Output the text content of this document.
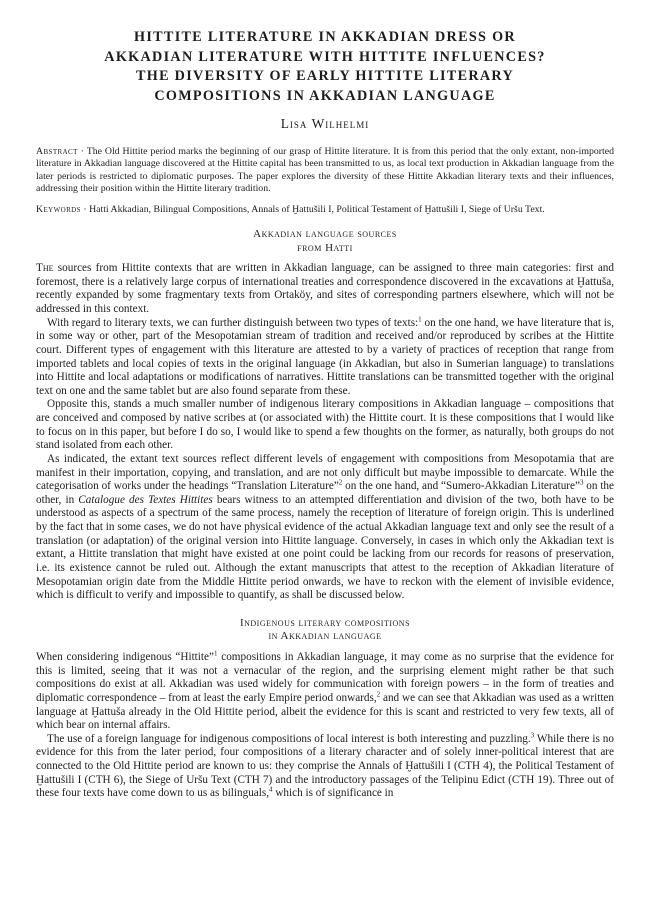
HITTITE LITERATURE IN AKKADIAN DRESS OR
AKKADIAN LITERATURE WITH HITTITE INFLUENCES?
THE DIVERSITY OF EARLY HITTITE LITERARY
COMPOSITIONS IN AKKADIAN LANGUAGE
Lisa Wilhelmi

Abstract · The Old Hittite period marks the beginning of our grasp of Hittite literature. It is from this period that the only extant, non-imported literature in Akkadian language discovered at the Hittite capital has been transmitted to us, as local text production in Akkadian language from the later periods is restricted to diplomatic purposes. The paper explores the diversity of these Hittite Akkadian literary texts and their influences, addressing their position within the Hittite literary tradition.

Keywords · Hatti Akkadian, Bilingual Compositions, Annals of Ḫattušili I, Political Testament of Ḫattušili I, Siege of Uršu Text.

Akkadian language sources
from Hatti

The sources from Hittite contexts that are written in Akkadian language, can be assigned to three main categories: first and foremost, there is a relatively large corpus of international treaties and correspondence discovered in the excavations at Ḫattuša, recently expanded by some fragmentary texts from Ortaköy, and sites of corresponding partners elsewhere, which will not be addressed in this context.

With regard to literary texts, we can further distinguish between two types of texts:$^1$ on the one hand, we have literature that is, in some way or other, part of the Mesopotamian stream of tradition and received and/or reproduced by scribes at the Hittite court. Different types of engagement with this literature are attested to by a variety of practices of reception that range from imported tablets and local copies of texts in the original language (in Akkadian, but also in Sumerian language) to translations into Hittite and local adaptations or modifications of narratives. Hittite translations can be transmitted together with the original text on one and the same tablet but are also found separate from these.

Opposite this, stands a much smaller number of indigenous literary compositions in Akkadian language – compositions that are conceived and composed by native scribes at (or associated with) the Hittite court. It is these compositions that I would like to focus on in this paper, but before I do so, I would like to spend a few thoughts on the former, as naturally, both groups do not stand isolated from each other.

As indicated, the extant text sources reflect different levels of engagement with compositions from Mesopotamia that are manifest in their importation, copying, and translation, and are not only difficult but maybe impossible to demarcate. While the categorisation of works under the headings “Translation Literature”$^2$ on the one hand, and “Sumero-Akkadian Literature”$^3$ on the other, in Catalogue des Textes Hittites bears witness to an attempted differentiation and division of the two, both have to be understood as aspects of a spectrum of the same process, namely the reception of literature of foreign origin. This is underlined by the fact that in some cases, we do not have physical evidence of the actual Akkadian language text and only see the result of a translation (or adaptation) of the original version into Hittite language. Conversely, in cases in which only the Akkadian text is extant, a Hittite translation that might have existed at one point could be lacking from our records for reasons of preservation, i.e. its existence cannot be ruled out. Although the extant manuscripts that attest to the reception of Akkadian literature of Mesopotamian origin date from the Middle Hittite period onwards, we have to reckon with the element of invisible evidence, which is difficult to verify and impossible to quantify, as shall be discussed below.

Indigenous literary compositions
in Akkadian language

When considering indigenous “Hittite”$^1$ compositions in Akkadian language, it may come as no surprise that the evidence for this is limited, seeing that it was not a vernacular of the region, and the surprising element might rather be that such compositions do exist at all. Akkadian was used widely for communication with foreign powers – in the form of treaties and diplomatic correspondence – from at least the early Empire period onwards,$^2$ and we can see that Akkadian was used as a written language at Ḫattuša already in the Old Hittite period, albeit the evidence for this is scant and restricted to very few texts, all of which bear on internal affairs.

The use of a foreign language for indigenous compositions of local interest is both interesting and puzzling.$^3$ While there is no evidence for this from the later period, four compositions of a literary character and of solely inner-political interest that are connected to the Old Hittite period are known to us: they comprise the Annals of Ḫattušili I (CTH 4), the Political Testament of Ḫattušili I (CTH 6), the Siege of Uršu Text (CTH 7) and the introductory passages of the Telipinu Edict (CTH 19). Three out of these four texts have come down to us as bilinguals,$^4$ which is of significance in
